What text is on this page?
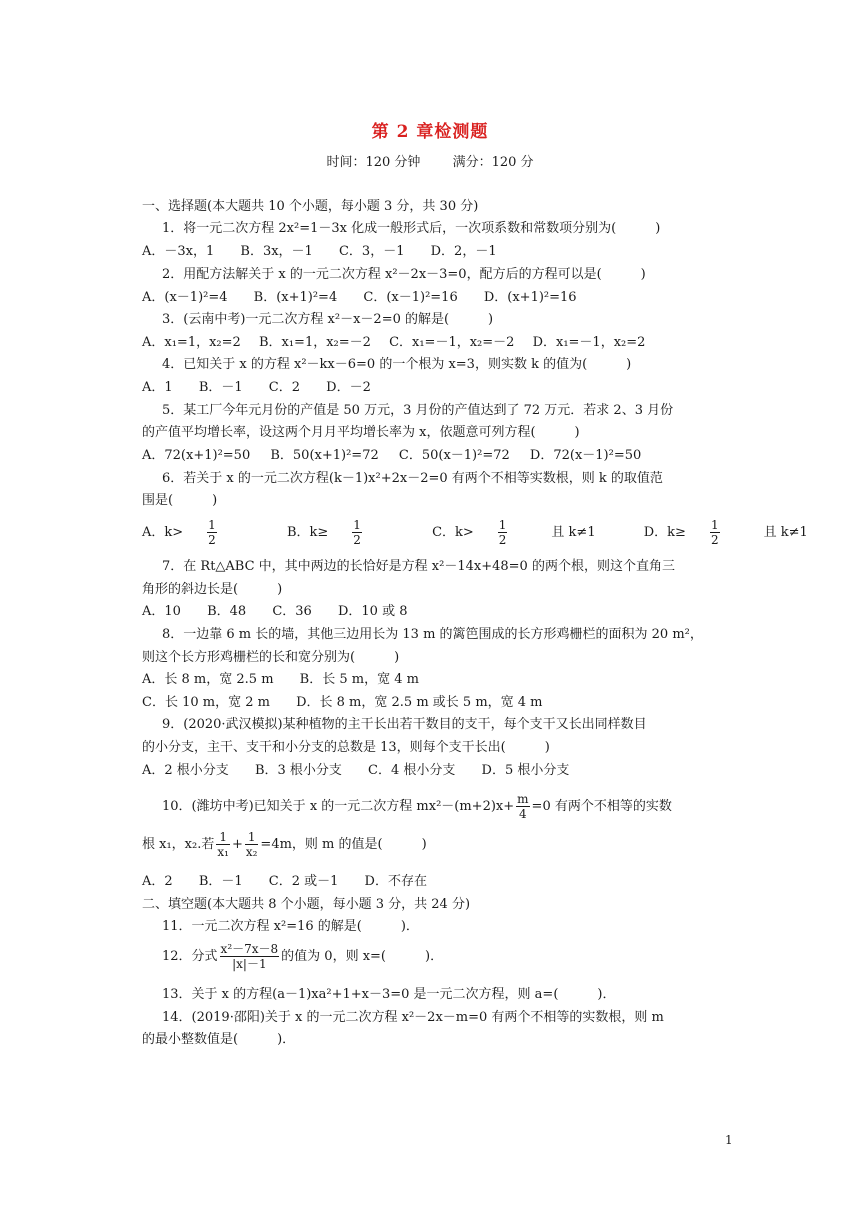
第 2 章检测题
时间：120 分钟 满分：120 分
一、选择题(本大题共 10 个小题，每小题 3 分，共 30 分)
1．将一元二次方程 2x²=1－3x 化成一般形式后，一次项系数和常数项分别为(　　　)
A．－3x，1 B．3x，－1 C．3，－1 D．2，－1
2．用配方法解关于 x 的一元二次方程 x²－2x－3=0，配方后的方程可以是(　　　)
A．(x－1)²=4 B．(x+1)²=4 C．(x－1)²=16 D．(x+1)²=16
3．(云南中考)一元二次方程 x²－x－2=0 的解是(　　　)
A．x₁=1，x₂=2 B．x₁=1，x₂=－2 C．x₁=－1，x₂=－2 D．x₁=－1，x₂=2
4．已知关于 x 的方程 x²－kx－6=0 的一个根为 x=3，则实数 k 的值为(　　　)
A．1 B．－1 C．2 D．－2
5．某工厂今年元月份的产值是 50 万元，3 月份的产值达到了 72 万元．若求 2、3 月份
的产值平均增长率，设这两个月月平均增长率为 x，依题意可列方程(　　　)
A．72(x+1)²=50 B．50(x+1)²=72 C．50(x－1)²=72 D．72(x－1)²=50
6．若关于 x 的一元二次方程(k－1)x²+2x－2=0 有两个不相等实数根，则 k 的取值范
围是(　　　)
A．$k> \frac{1}{2}$	B．$k\ge \frac{1}{2}$	C．$k> \frac{1}{2}$ 且 k≠1	D．$k\ge \frac{1}{2}$ 且 k≠1
7．在 Rt△ABC 中，其中两边的长恰好是方程 x²－14x+48=0 的两个根，则这个直角三
角形的斜边长是(　　　)
A．10 B．48 C．36 D．10 或 8
8．一边靠 6 m 长的墙，其他三边用长为 13 m 的篱笆围成的长方形鸡栅栏的面积为 20 m²，
则这个长方形鸡栅栏的长和宽分别为(　　　)
A．长 8 m，宽 2.5 m B．长 5 m，宽 4 m
C．长 10 m，宽 2 m D．长 8 m，宽 2.5 m 或长 5 m，宽 4 m
9．(2020·武汉模拟)某种植物的主干长出若干数目的支干，每个支干又长出同样数目
的小分支，主干、支干和小分支的总数是 13，则每个支干长出(　　　)
A．2 根小分支 B．3 根小分支 C．4 根小分支 D．5 根小分支
10．(潍坊中考)已知关于 x 的一元二次方程 $mx^2-(m+2)x+ \frac{m}{4} =0$ 有两个不相等的实数
根 x₁，x₂.若 $\frac{1}{\text{x₁}} + \frac{1}{\text{x₂}} =4m$，则 m 的值是(　　　)
A．2 B．－1 C．2 或－1 D．不存在
二、填空题(本大题共 8 个小题，每小题 3 分，共 24 分)
11．一元二次方程 x²=16 的解是(　　　)．
12．分式 $\frac{\text{x²－7x－8}}{|x|-1}$ 的值为 0，则 x=(　　　)．
13．关于 x 的方程(a－1)xa²+1+x－3=0 是一元二次方程，则 a=(　　　)．
14．(2019·邵阳)关于 x 的一元二次方程 x²－2x－m=0 有两个不相等的实数根，则 m
的最小整数值是(　　　)．
1
